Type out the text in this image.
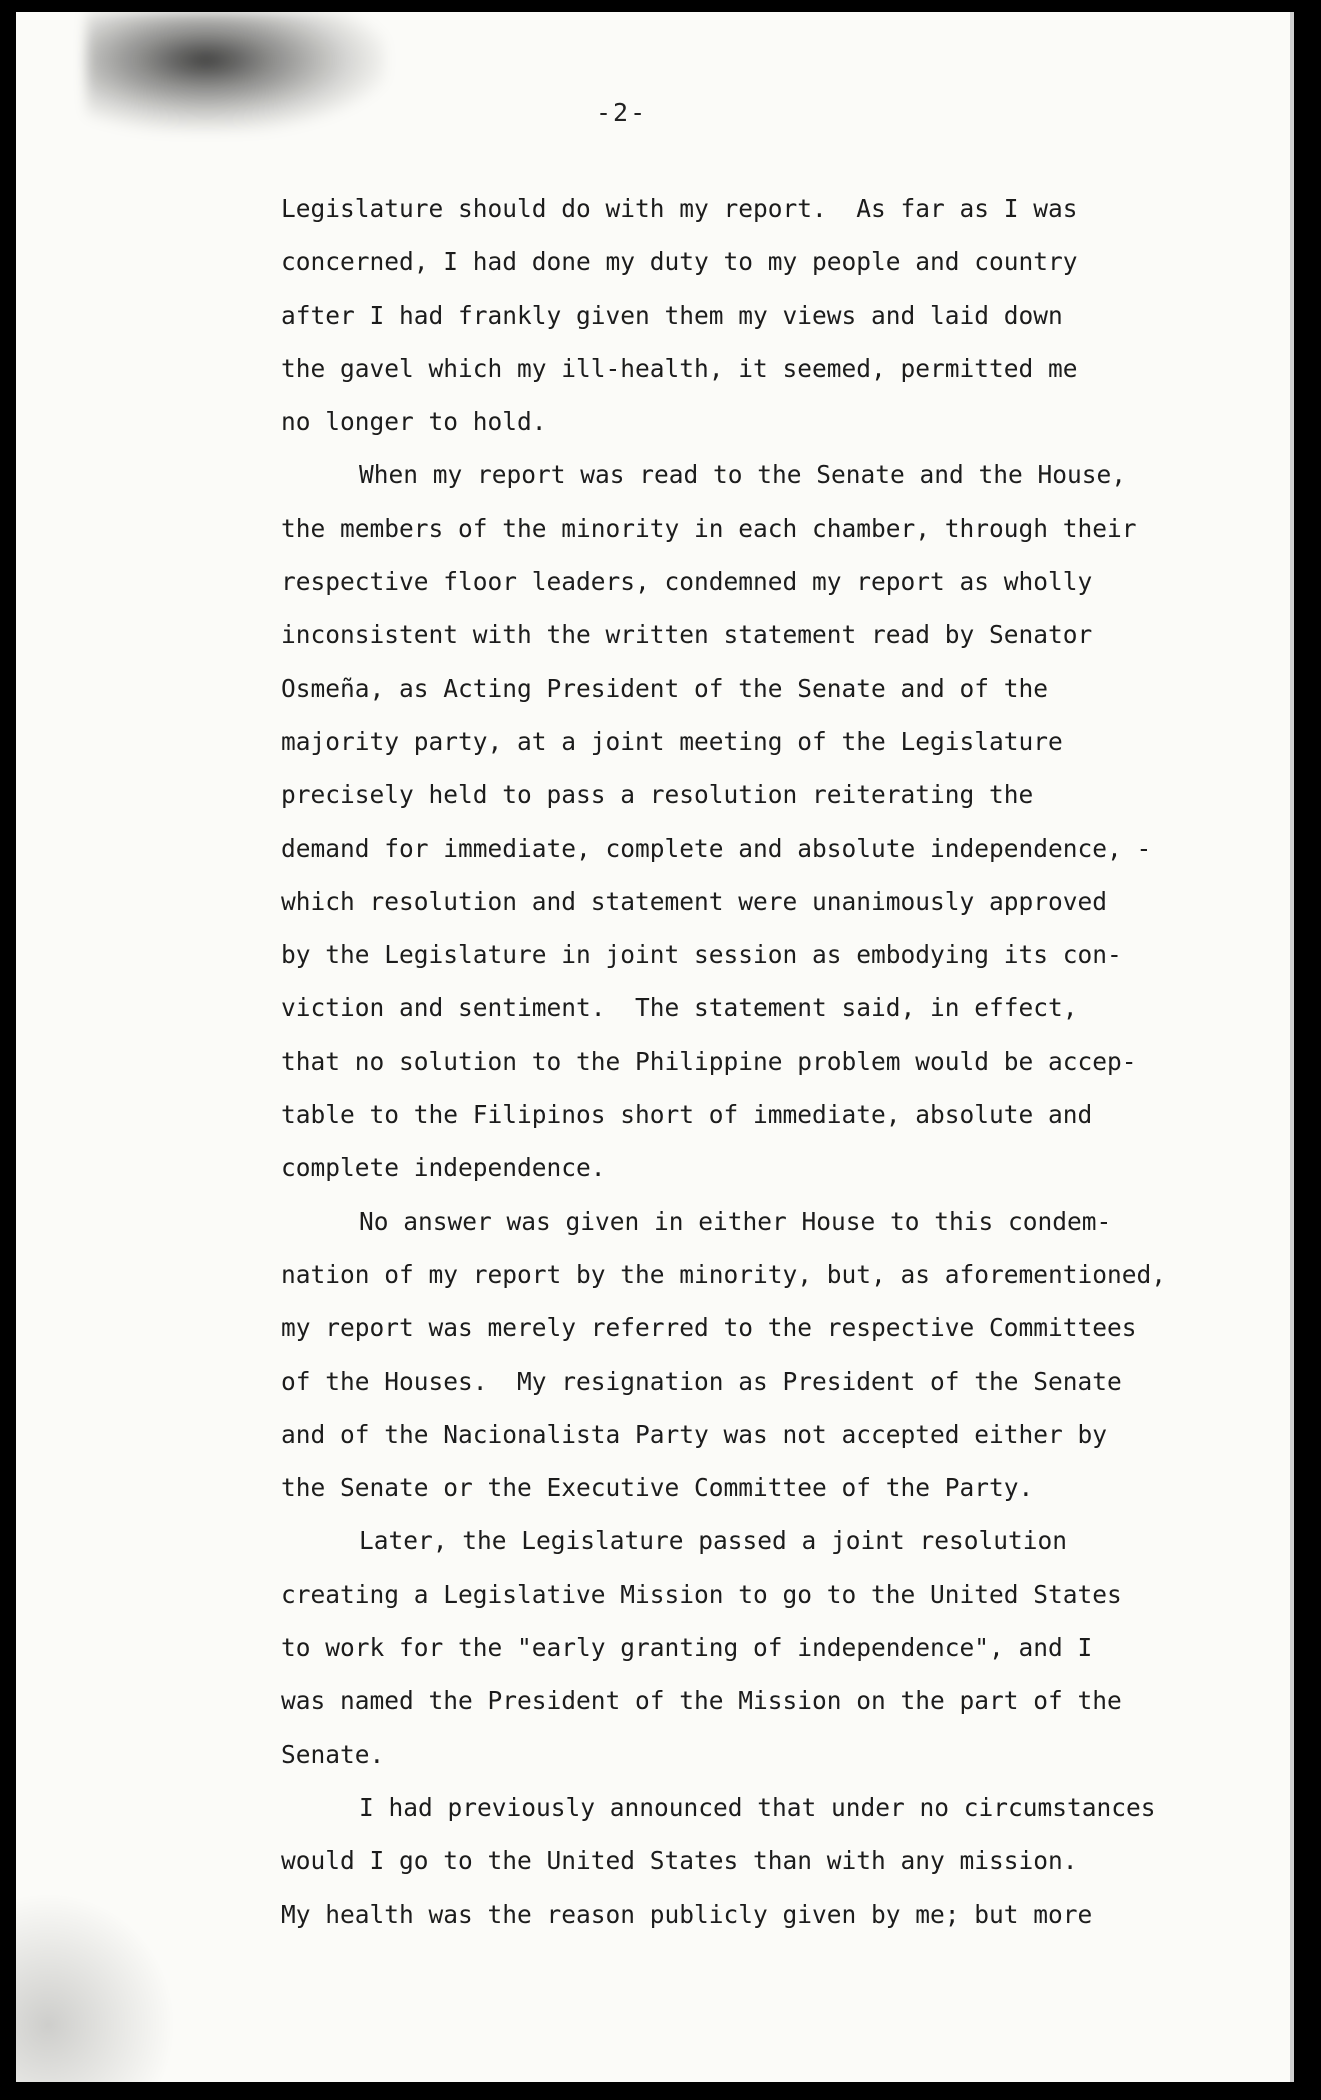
-2-
Legislature should do with my report.  As far as I was
concerned, I had done my duty to my people and country
after I had frankly given them my views and laid down
the gavel which my ill-health, it seemed, permitted me
no longer to hold.
When my report was read to the Senate and the House,
the members of the minority in each chamber, through their
respective floor leaders, condemned my report as wholly
inconsistent with the written statement read by Senator
Osmeña, as Acting President of the Senate and of the
majority party, at a joint meeting of the Legislature
precisely held to pass a resolution reiterating the
demand for immediate, complete and absolute independence, -
which resolution and statement were unanimously approved
by the Legislature in joint session as embodying its con-
viction and sentiment.  The statement said, in effect,
that no solution to the Philippine problem would be accep-
table to the Filipinos short of immediate, absolute and
complete independence.
No answer was given in either House to this condem-
nation of my report by the minority, but, as aforementioned,
my report was merely referred to the respective Committees
of the Houses.  My resignation as President of the Senate
and of the Nacionalista Party was not accepted either by
the Senate or the Executive Committee of the Party.
Later, the Legislature passed a joint resolution
creating a Legislative Mission to go to the United States
to work for the "early granting of independence", and I
was named the President of the Mission on the part of the
Senate.
I had previously announced that under no circumstances
would I go to the United States than with any mission.
My health was the reason publicly given by me; but more
